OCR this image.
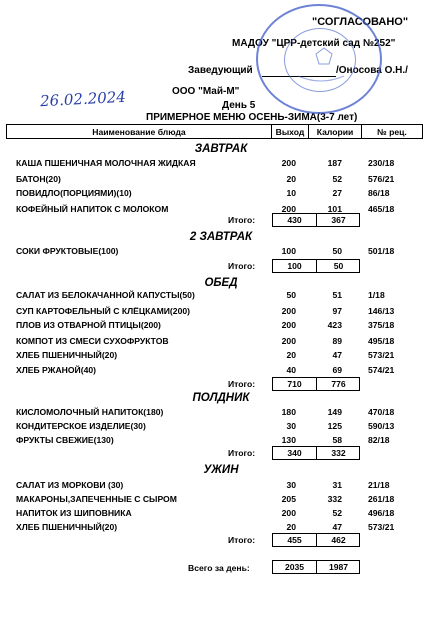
"СОГЛАСОВАНО"
МАДОУ "ЦРР-детский сад №252"
Заведующий	/Оносова О.Н./
ООО "Май-М"
День 5
ПРИМЕРНОЕ МЕНЮ ОСЕНЬ-ЗИМА(3-7 лет)
26.02.2024
Наименование блюда	Выход	Калории	№ рец.
ЗАВТРАК
КАША ПШЕНИЧНАЯ МОЛОЧНАЯ ЖИДКАЯ	200	187	230/18
БАТОН(20)	20	52	576/21
ПОВИДЛО(ПОРЦИЯМИ)(10)	10	27	86/18
КОФЕЙНЫЙ НАПИТОК С МОЛОКОМ	200	101	465/18
Итого:	430	367
2 ЗАВТРАК
СОКИ ФРУКТОВЫЕ(100)	100	50	501/18
Итого:	100	50
ОБЕД
САЛАТ ИЗ БЕЛОКАЧАННОЙ КАПУСТЫ(50)	50	51	1/18
СУП КАРТОФЕЛЬНЫЙ С КЛЁЦКАМИ(200)	200	97	146/13
ПЛОВ ИЗ ОТВАРНОЙ ПТИЦЫ(200)	200	423	375/18
КОМПОТ ИЗ СМЕСИ СУХОФРУКТОВ	200	89	495/18
ХЛЕБ ПШЕНИЧНЫЙ(20)	20	47	573/21
ХЛЕБ РЖАНОЙ(40)	40	69	574/21
Итого:	710	776
ПОЛДНИК
КИСЛОМОЛОЧНЫЙ НАПИТОК(180)	180	149	470/18
КОНДИТЕРСКОЕ ИЗДЕЛИЕ(30)	30	125	590/13
ФРУКТЫ СВЕЖИЕ(130)	130	58	82/18
Итого:	340	332
УЖИН
САЛАТ ИЗ МОРКОВИ (30)	30	31	21/18
МАКАРОНЫ,ЗАПЕЧЕННЫЕ С СЫРОМ	205	332	261/18
НАПИТОК ИЗ ШИПОВНИКА	200	52	496/18
ХЛЕБ ПШЕНИЧНЫЙ(20)	20	47	573/21
Итого:	455	462
Всего за день:	2035	1987
